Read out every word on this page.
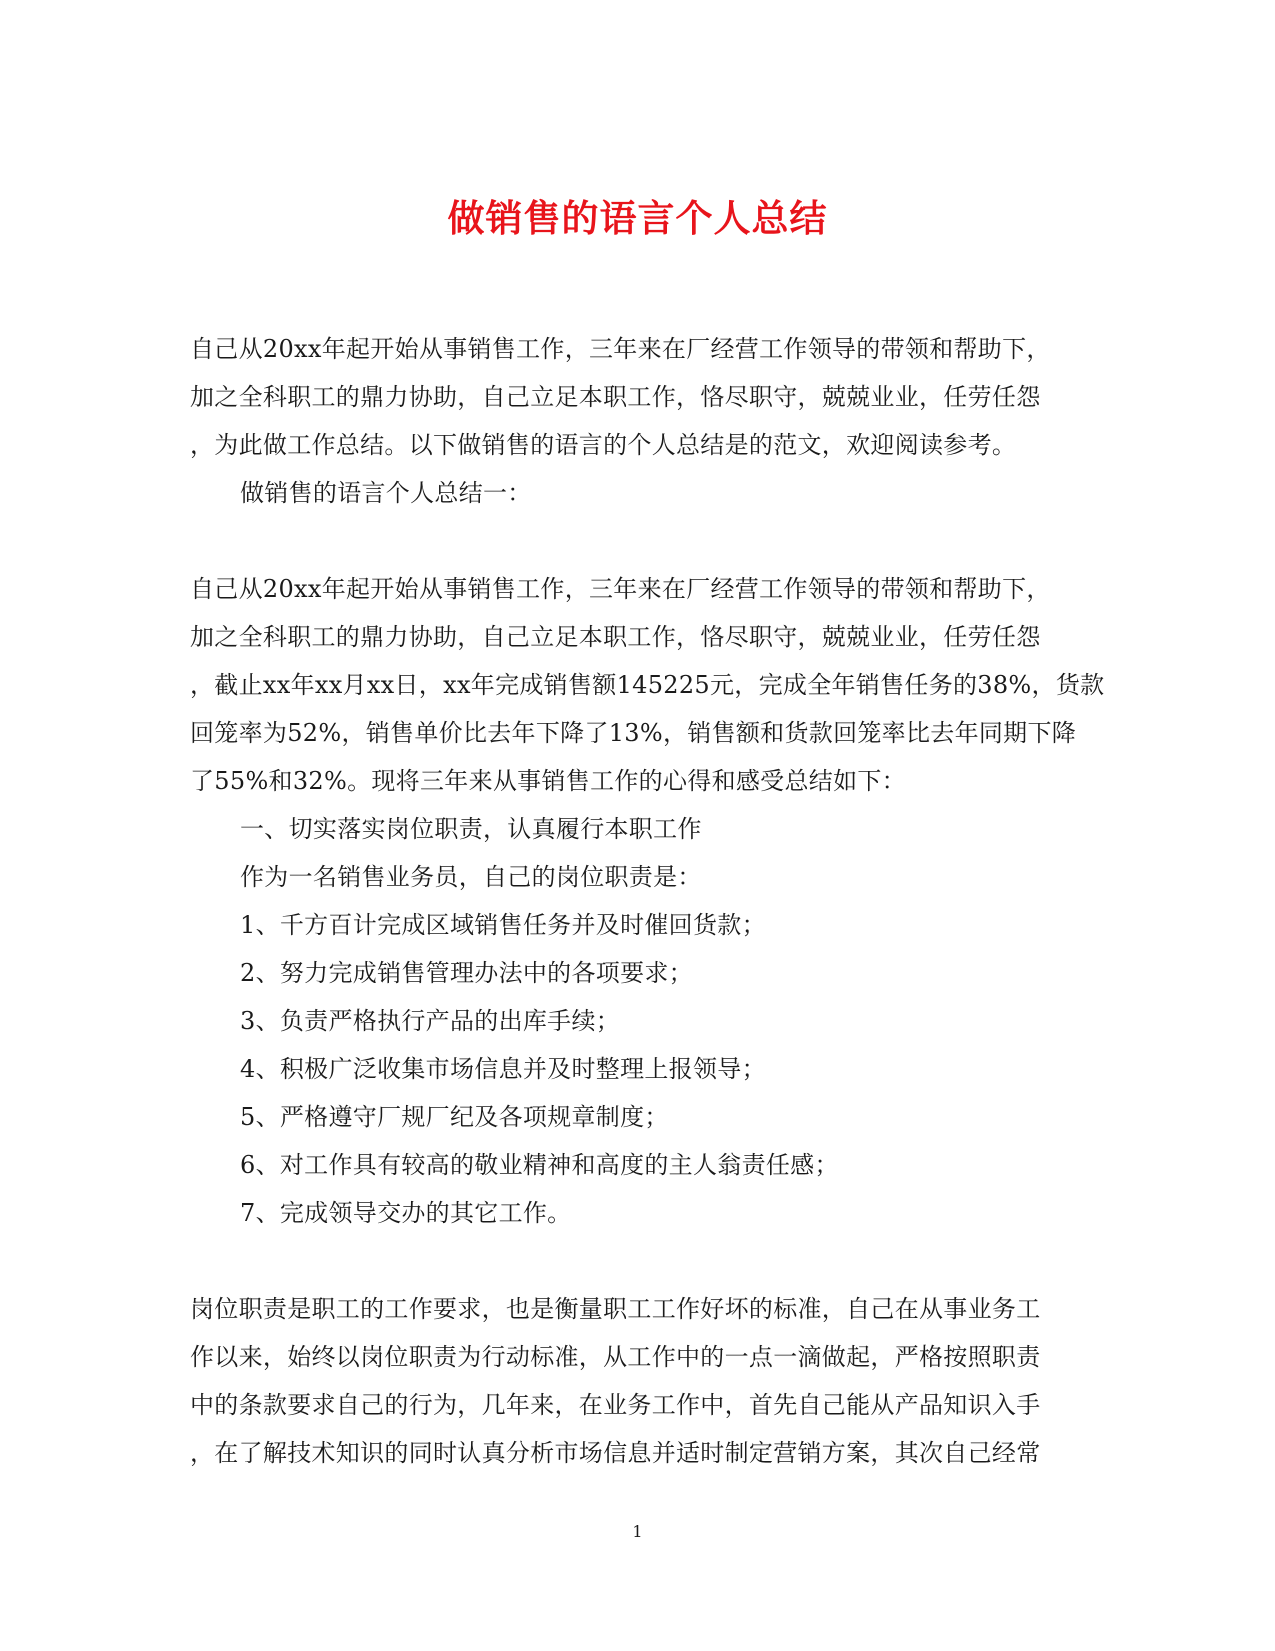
做销售的语言个人总结
自己从20xx年起开始从事销售工作，三年来在厂经营工作领导的带领和帮助下，
加之全科职工的鼎力协助，自己立足本职工作，恪尽职守，兢兢业业，任劳任怨
，为此做工作总结。以下做销售的语言的个人总结是的范文，欢迎阅读参考。
做销售的语言个人总结一：
自己从20xx年起开始从事销售工作，三年来在厂经营工作领导的带领和帮助下，
加之全科职工的鼎力协助，自己立足本职工作，恪尽职守，兢兢业业，任劳任怨
，截止xx年xx月xx日，xx年完成销售额145225元，完成全年销售任务的38%，货款
回笼率为52%，销售单价比去年下降了13%，销售额和货款回笼率比去年同期下降
了55%和32%。现将三年来从事销售工作的心得和感受总结如下：
一、切实落实岗位职责，认真履行本职工作
作为一名销售业务员，自己的岗位职责是：
1、千方百计完成区域销售任务并及时催回货款；
2、努力完成销售管理办法中的各项要求；
3、负责严格执行产品的出库手续；
4、积极广泛收集市场信息并及时整理上报领导；
5、严格遵守厂规厂纪及各项规章制度；
6、对工作具有较高的敬业精神和高度的主人翁责任感；
7、完成领导交办的其它工作。
岗位职责是职工的工作要求，也是衡量职工工作好坏的标准，自己在从事业务工
作以来，始终以岗位职责为行动标准，从工作中的一点一滴做起，严格按照职责
中的条款要求自己的行为，几年来，在业务工作中，首先自己能从产品知识入手
，在了解技术知识的同时认真分析市场信息并适时制定营销方案，其次自己经常
1
